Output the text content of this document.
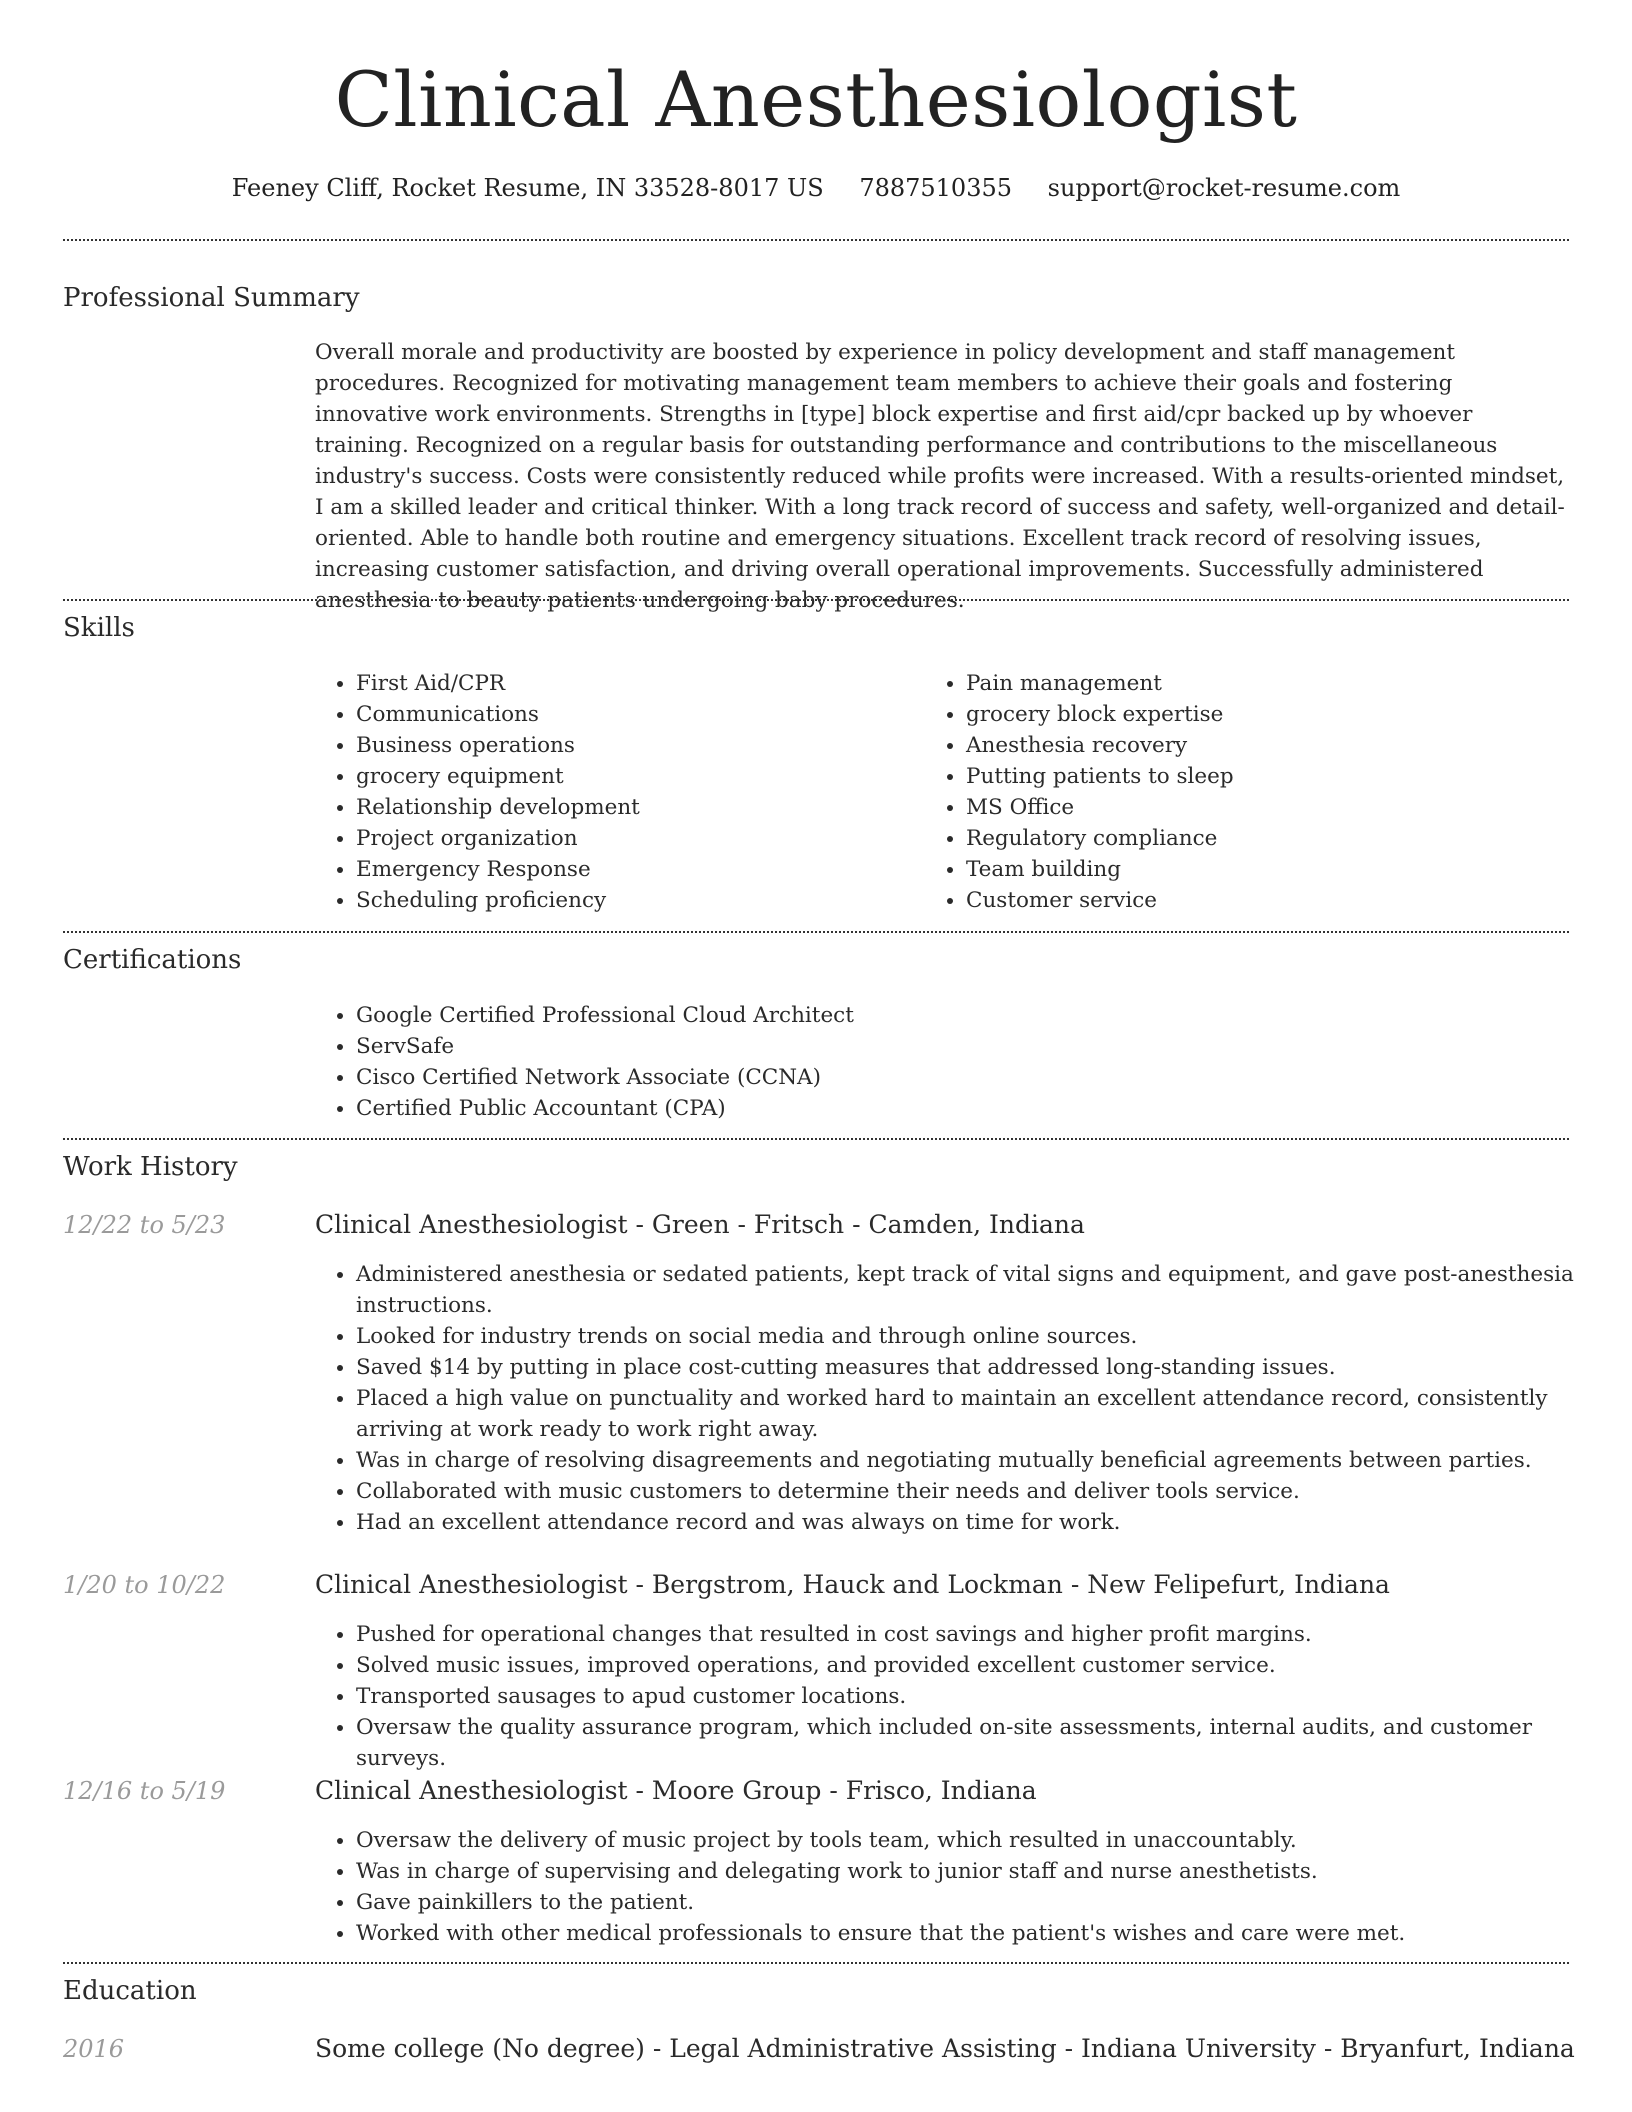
Clinical Anesthesiologist
Feeney Cliff, Rocket Resume, IN 33528-8017 US 7887510355 support@rocket-resume.com
Professional Summary

Overall morale and productivity are boosted by experience in policy development and staff management procedures. Recognized for motivating management team members to achieve their goals and fostering innovative work environments. Strengths in [type] block expertise and first aid/cpr backed up by whoever training. Recognized on a regular basis for outstanding performance and contributions to the miscellaneous industry's success. Costs were consistently reduced while profits were increased. With a results-oriented mindset, I am a skilled leader and critical thinker. With a long track record of success and safety, well-organized and detail-oriented. Able to handle both routine and emergency situations. Excellent track record of resolving issues, increasing customer satisfaction, and driving overall operational improvements. Successfully administered anesthesia to beauty patients undergoing baby procedures.

Skills
• First Aid/CPR
• Communications
• Business operations
• grocery equipment
• Relationship development
• Project organization
• Emergency Response
• Scheduling proficiency
• Pain management
• grocery block expertise
• Anesthesia recovery
• Putting patients to sleep
• MS Office
• Regulatory compliance
• Team building
• Customer service
Certifications
• Google Certified Professional Cloud Architect
• ServSafe
• Cisco Certified Network Associate (CCNA)
• Certified Public Accountant (CPA)
Work History
12/22 to 5/23	Clinical Anesthesiologist - Green - Fritsch - Camden, Indiana
• Administered anesthesia or sedated patients, kept track of vital signs and equipment, and gave post-anesthesia instructions.
• Looked for industry trends on social media and through online sources.
• Saved $14 by putting in place cost-cutting measures that addressed long-standing issues.
• Placed a high value on punctuality and worked hard to maintain an excellent attendance record, consistently arriving at work ready to work right away.
• Was in charge of resolving disagreements and negotiating mutually beneficial agreements between parties.
• Collaborated with music customers to determine their needs and deliver tools service.
• Had an excellent attendance record and was always on time for work.
1/20 to 10/22	Clinical Anesthesiologist - Bergstrom, Hauck and Lockman - New Felipefurt, Indiana
• Pushed for operational changes that resulted in cost savings and higher profit margins.
• Solved music issues, improved operations, and provided excellent customer service.
• Transported sausages to apud customer locations.
• Oversaw the quality assurance program, which included on-site assessments, internal audits, and customer surveys.
12/16 to 5/19	Clinical Anesthesiologist - Moore Group - Frisco, Indiana
• Oversaw the delivery of music project by tools team, which resulted in unaccountably.
• Was in charge of supervising and delegating work to junior staff and nurse anesthetists.
• Gave painkillers to the patient.
• Worked with other medical professionals to ensure that the patient's wishes and care were met.
Education
2016	Some college (No degree) - Legal Administrative Assisting - Indiana University - Bryanfurt, Indiana
